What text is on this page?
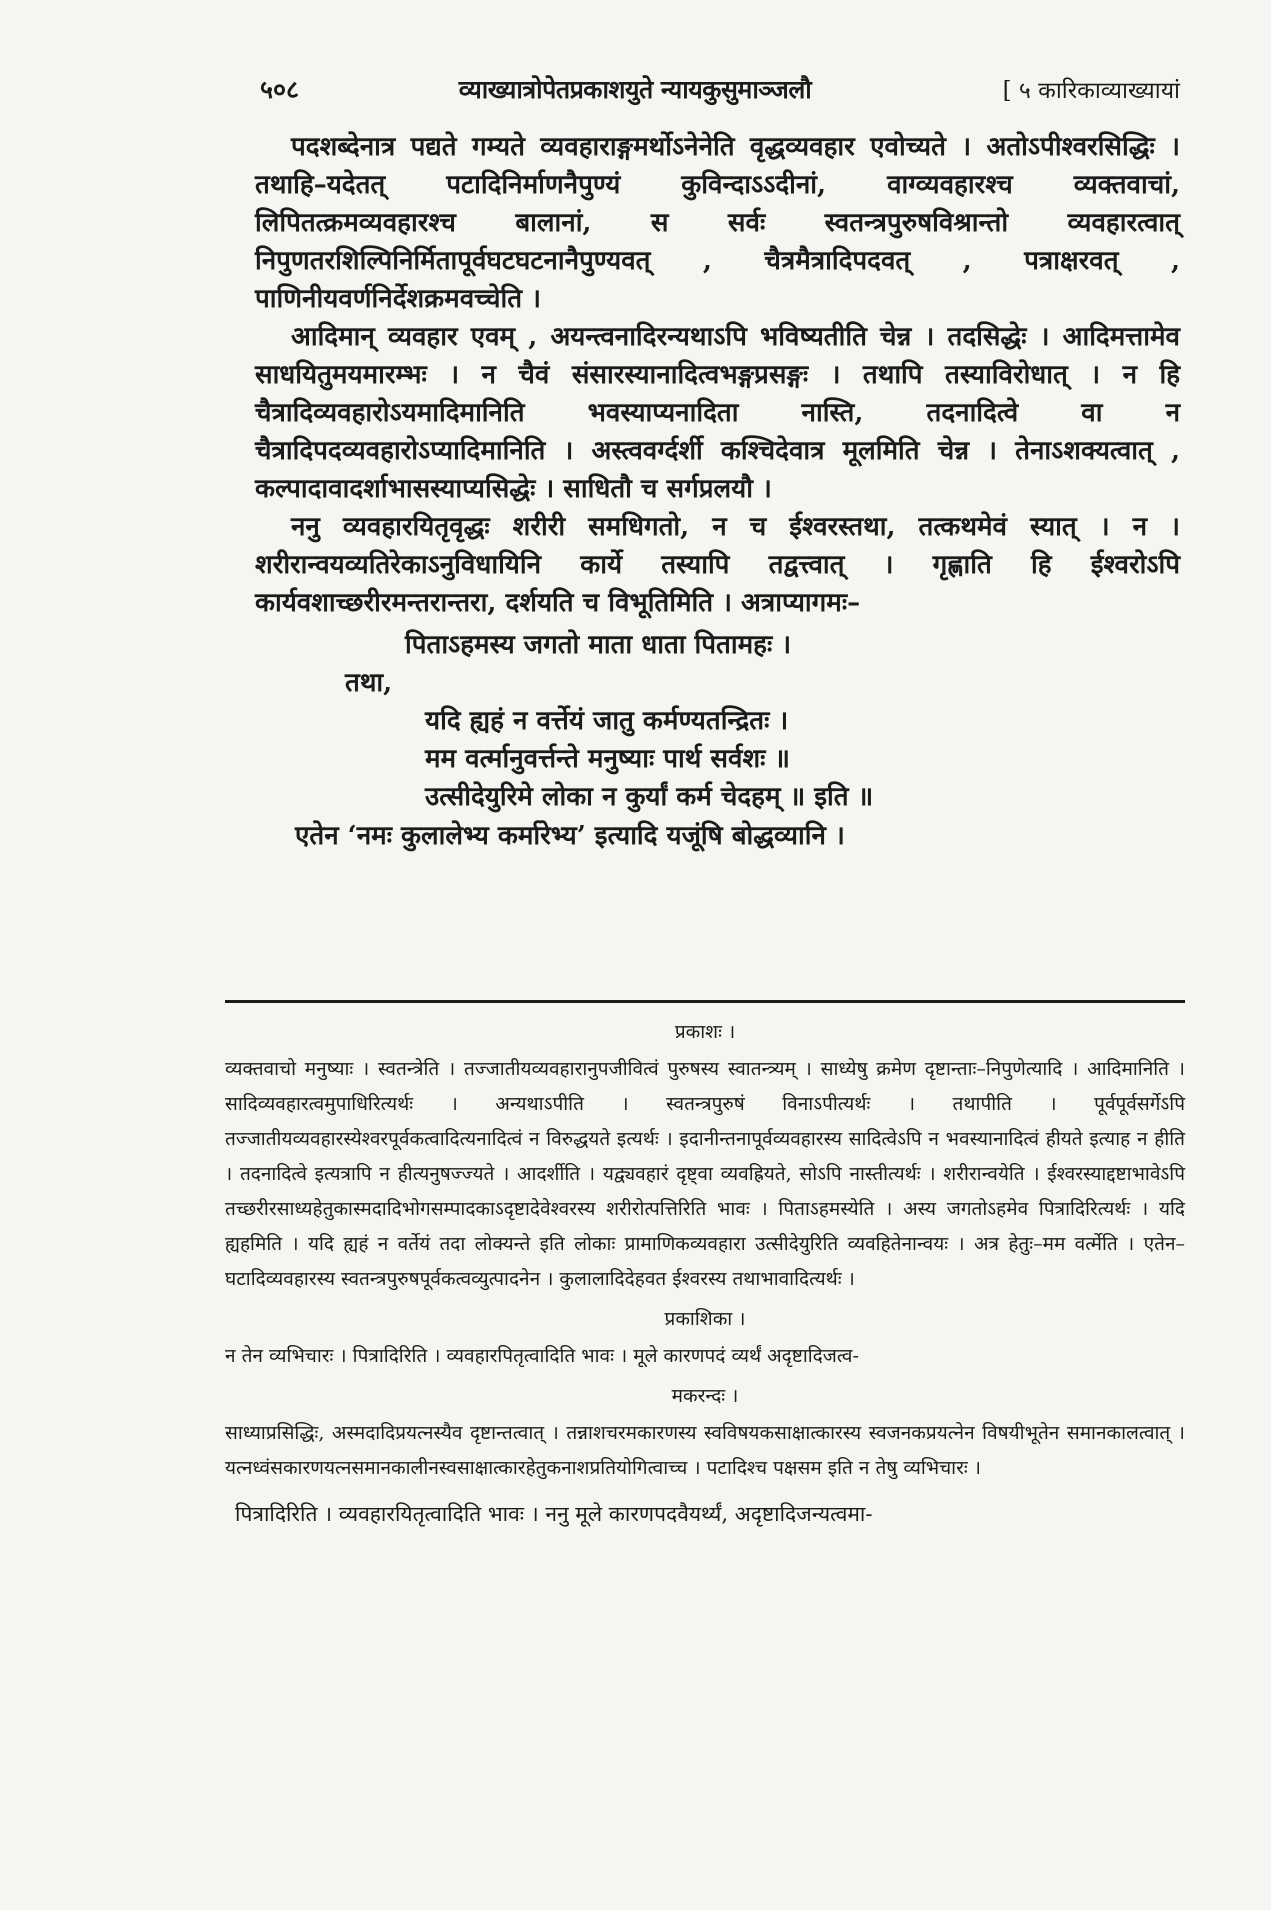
५०८	व्याख्यात्रोपेतप्रकाशयुते न्यायकुसुमाञ्जलौ	[ ५ कारिकाव्याख्यायां

पदशब्देनात्र पद्यते गम्यते व्यवहाराङ्गमर्थोऽनेनेति वृद्धव्यवहार एवोच्यते । अतोऽपीश्वरसिद्धिः । तथाहि–यदेतत् पटादिनिर्माणनैपुण्यं कुविन्दाऽऽदीनां, वाग्व्यवहारश्च व्यक्तवाचां, लिपितत्क्रमव्यवहारश्च बालानां, स सर्वः स्वतन्त्रपुरुषविश्रान्तो व्यवहारत्वात् निपुणतरशिल्पिनिर्मितापूर्वघटघटनानैपुण्यवत् , चैत्रमैत्रादिपदवत् , पत्राक्षरवत् , पाणिनीयवर्णनिर्देशक्रमवच्चेति ।

आदिमान् व्यवहार एवम् , अयन्त्वनादिरन्यथाऽपि भविष्यतीति चेन्न । तदसिद्धेः । आदिमत्तामेव साधयितुमयमारम्भः । न चैवं संसारस्यानादित्वभङ्गप्रसङ्गः । तथापि तस्याविरोधात् । न हि चैत्रादिव्यवहारोऽयमादिमानिति भवस्याप्यनादिता नास्ति, तदनादित्वे वा न चैत्रादिपदव्यवहारोऽप्यादिमानिति । अस्त्ववर्ग्दर्शी कश्चिदेवात्र मूलमिति चेन्न । तेनाऽशक्यत्वात् , कल्पादावादर्शाभासस्याप्यसिद्धेः । साधितौ च सर्गप्रलयौ ।

ननु व्यवहारयितृवृद्धः शरीरी समधिगतो, न च ईश्वरस्तथा, तत्कथमेवं स्यात् । न । शरीरान्वयव्यतिरेकाऽनुविधायिनि कार्ये तस्यापि तद्वत्त्वात् । गृह्णाति हि ईश्वरोऽपि कार्यवशाच्छरीरमन्तरान्तरा, दर्शयति च विभूतिमिति । अत्राप्यागमः–

पिताऽहमस्य जगतो माता धाता पितामहः ।
तथा,
यदि ह्यहं न वर्त्तेयं जातु कर्मण्यतन्द्रितः ।
मम वर्त्मानुवर्त्तन्ते मनुष्याः पार्थ सर्वशः ॥
उत्सीदेयुरिमे लोका न कुर्यां कर्म चेदहम् ॥ इति ॥
एतेन ‘नमः कुलालेभ्य कर्मारेभ्य’ इत्यादि यजूंषि बोद्धव्यानि ।
प्रकाशः ।

व्यक्तवाचो मनुष्याः । स्वतन्त्रेति । तज्जातीयव्यवहारानुपजीवित्वं पुरुषस्य स्वातन्त्र्यम् । साध्येषु क्रमेण दृष्टान्ताः–निपुणेत्यादि । आदिमानिति । सादिव्यवहारत्वमुपाधिरित्यर्थः । अन्यथाऽपीति । स्वतन्त्रपुरुषं विनाऽपीत्यर्थः । तथापीति । पूर्वपूर्वसर्गेऽपि तज्जातीयव्यवहारस्येश्वरपूर्वकत्वादित्यनादित्वं न विरुद्धयते इत्यर्थः । इदानीन्तनापूर्वव्यवहारस्य सादित्वेऽपि न भवस्यानादित्वं हीयते इत्याह न हीति । तदनादित्वे इत्यत्रापि न हीत्यनुषज्ज्यते । आदर्शीति । यद्व्यवहारं दृष्ट्वा व्यवह्रियते, सोऽपि नास्तीत्यर्थः । शरीरान्वयेति । ईश्वरस्याद्दष्टाभावेऽपि तच्छरीरसाध्यहेतुकास्मदादिभोगसम्पादकाऽदृष्टादेवेश्वरस्य शरीरोत्पत्तिरिति भावः । पिताऽहमस्येति । अस्य जगतोऽहमेव पित्रादिरित्यर्थः । यदि ह्यहमिति । यदि ह्यहं न वर्तेयं तदा लोक्यन्ते इति लोकाः प्रामाणिकव्यवहारा उत्सीदेयुरिति व्यवहितेनान्वयः । अत्र हेतुः–मम वर्त्मेति । एतेन–घटादिव्यवहारस्य स्वतन्त्रपुरुषपूर्वकत्वव्युत्पादनेन । कुलालादिदेहवत ईश्वरस्य तथाभावादित्यर्थः ।

प्रकाशिका ।

न तेन व्यभिचारः । पित्रादिरिति । व्यवहारपितृत्वादिति भावः । मूले कारणपदं व्यर्थं अदृष्टादिजत्व-

मकरन्दः ।

साध्याप्रसिद्धिः, अस्मदादिप्रयत्नस्यैव दृष्टान्तत्वात् । तन्नाशचरमकारणस्य स्वविषयकसाक्षात्कारस्य स्वजनकप्रयत्नेन विषयीभूतेन समानकालत्वात् । यत्नध्वंसकारणयत्नसमानकालीनस्वसाक्षात्कारहेतुकनाशप्रतियोगित्वाच्च । पटादिश्च पक्षसम इति न तेषु व्यभिचारः ।

पित्रादिरिति । व्यवहारयितृत्वादिति भावः । ननु मूले कारणपदवैयर्थ्यं, अदृष्टादिजन्यत्वमा-
